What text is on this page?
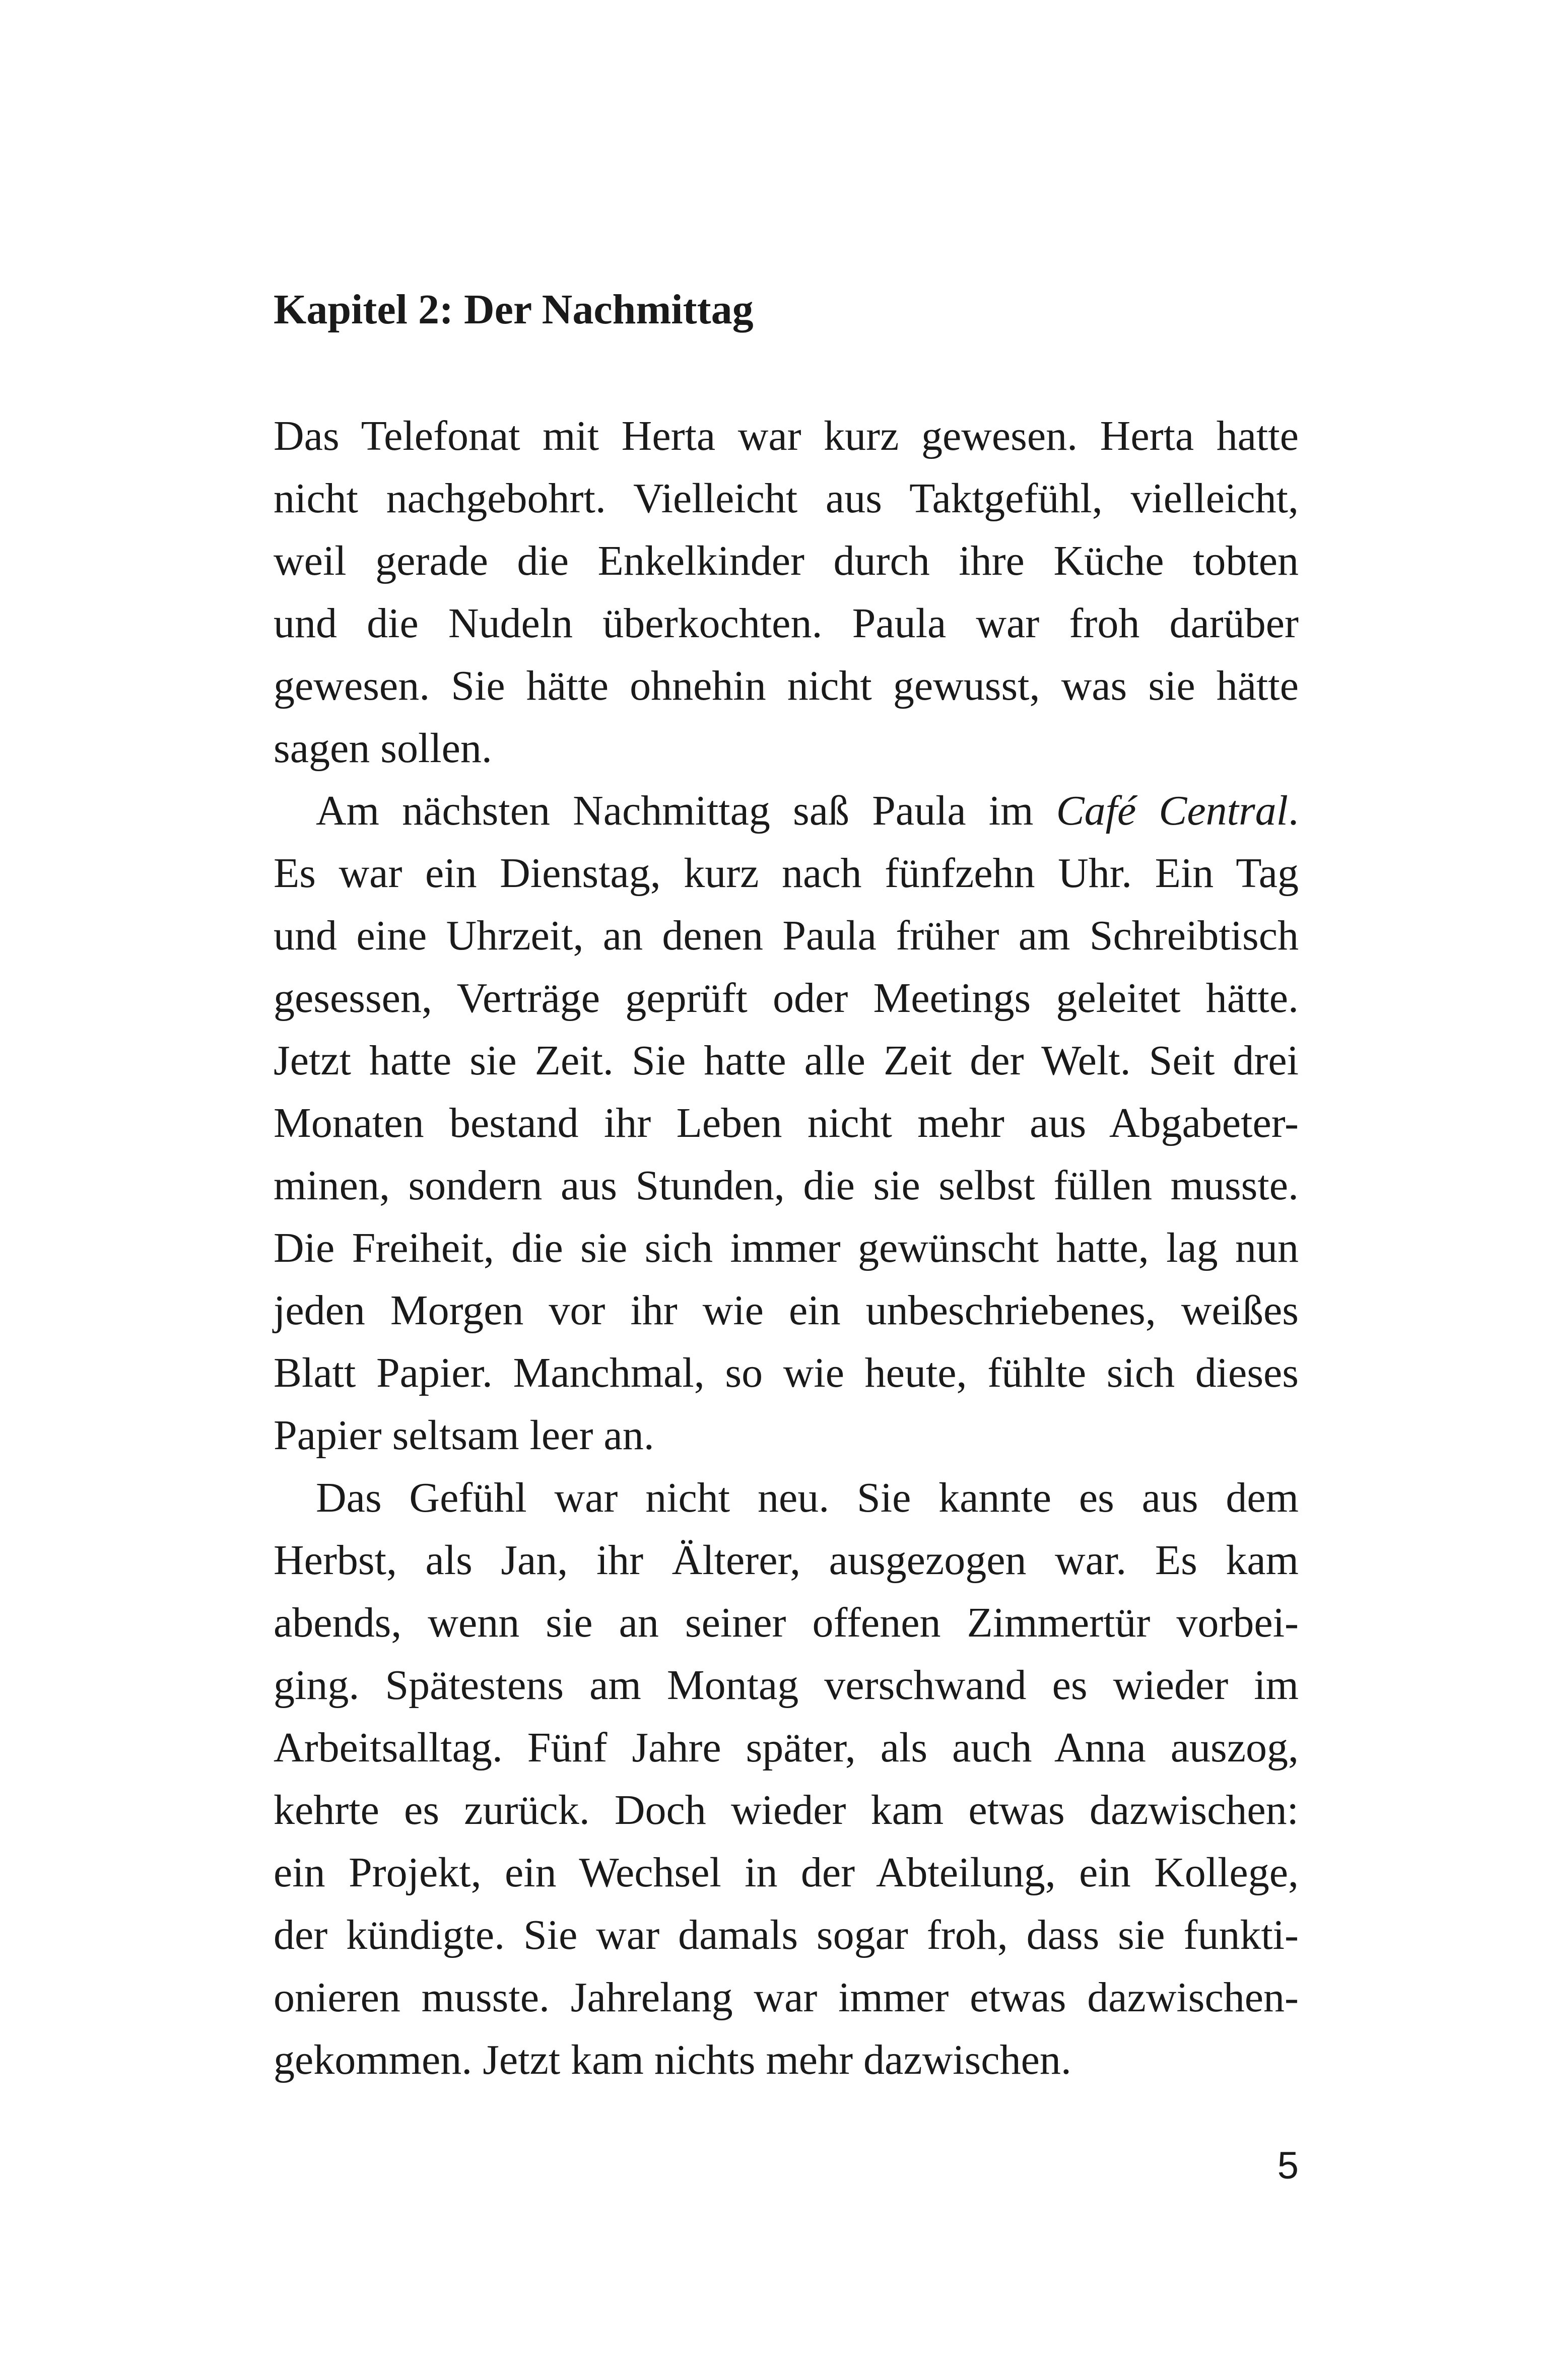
Kapitel 2: Der Nachmittag
Das Telefonat mit Herta war kurz gewesen. Herta hatte
nicht nachgebohrt. Vielleicht aus Taktgefühl, vielleicht,
weil gerade die Enkelkinder durch ihre Küche tobten
und die Nudeln überkochten. Paula war froh darüber
gewesen. Sie hätte ohnehin nicht gewusst, was sie hätte
sagen sollen.
Am nächsten Nachmittag saß Paula im Café Central.
Es war ein Dienstag, kurz nach fünfzehn Uhr. Ein Tag
und eine Uhrzeit, an denen Paula früher am Schreibtisch
gesessen, Verträge geprüft oder Meetings geleitet hätte.
Jetzt hatte sie Zeit. Sie hatte alle Zeit der Welt. Seit drei
Monaten bestand ihr Leben nicht mehr aus Abgabeter-
minen, sondern aus Stunden, die sie selbst füllen musste.
Die Freiheit, die sie sich immer gewünscht hatte, lag nun
jeden Morgen vor ihr wie ein unbeschriebenes, weißes
Blatt Papier. Manchmal, so wie heute, fühlte sich dieses
Papier seltsam leer an.
Das Gefühl war nicht neu. Sie kannte es aus dem
Herbst, als Jan, ihr Älterer, ausgezogen war. Es kam
abends, wenn sie an seiner offenen Zimmertür vorbei-
ging. Spätestens am Montag verschwand es wieder im
Arbeitsalltag. Fünf Jahre später, als auch Anna auszog,
kehrte es zurück. Doch wieder kam etwas dazwischen:
ein Projekt, ein Wechsel in der Abteilung, ein Kollege,
der kündigte. Sie war damals sogar froh, dass sie funkti-
onieren musste. Jahrelang war immer etwas dazwischen-
gekommen. Jetzt kam nichts mehr dazwischen.
5
